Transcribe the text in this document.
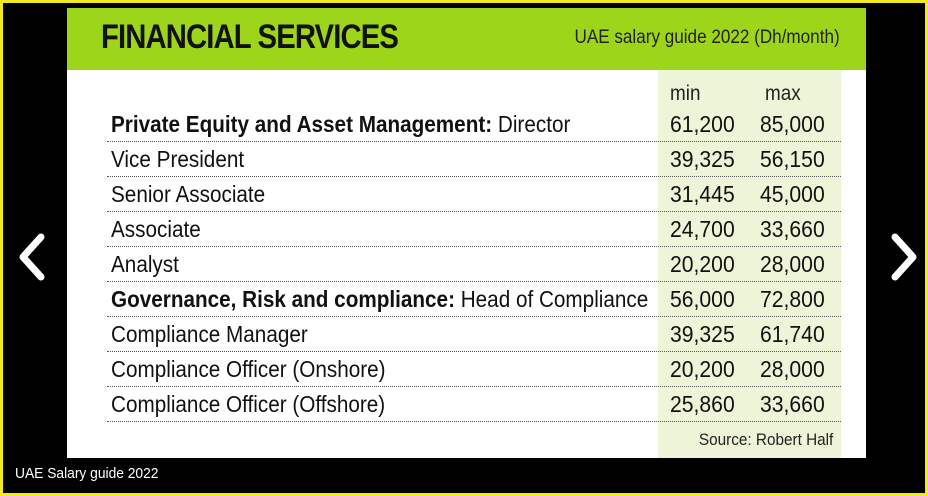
FINANCIAL SERVICES	UAE salary guide 2022 (Dh/month)
min	max
Private Equity and Asset Management: Director	61,200 85,000
Vice President	39,325 56,150
Senior Associate	31,445 45,000
Associate	24,700 33,660
Analyst	20,200 28,000
Governance, Risk and compliance: Head of Compliance 56,000 72,800
Compliance Manager	39,325 61,740
Compliance Officer (Onshore)	20,200 28,000
Compliance Officer (Offshore)	25,860 33,660
Source: Robert Half
UAE Salary guide 2022
